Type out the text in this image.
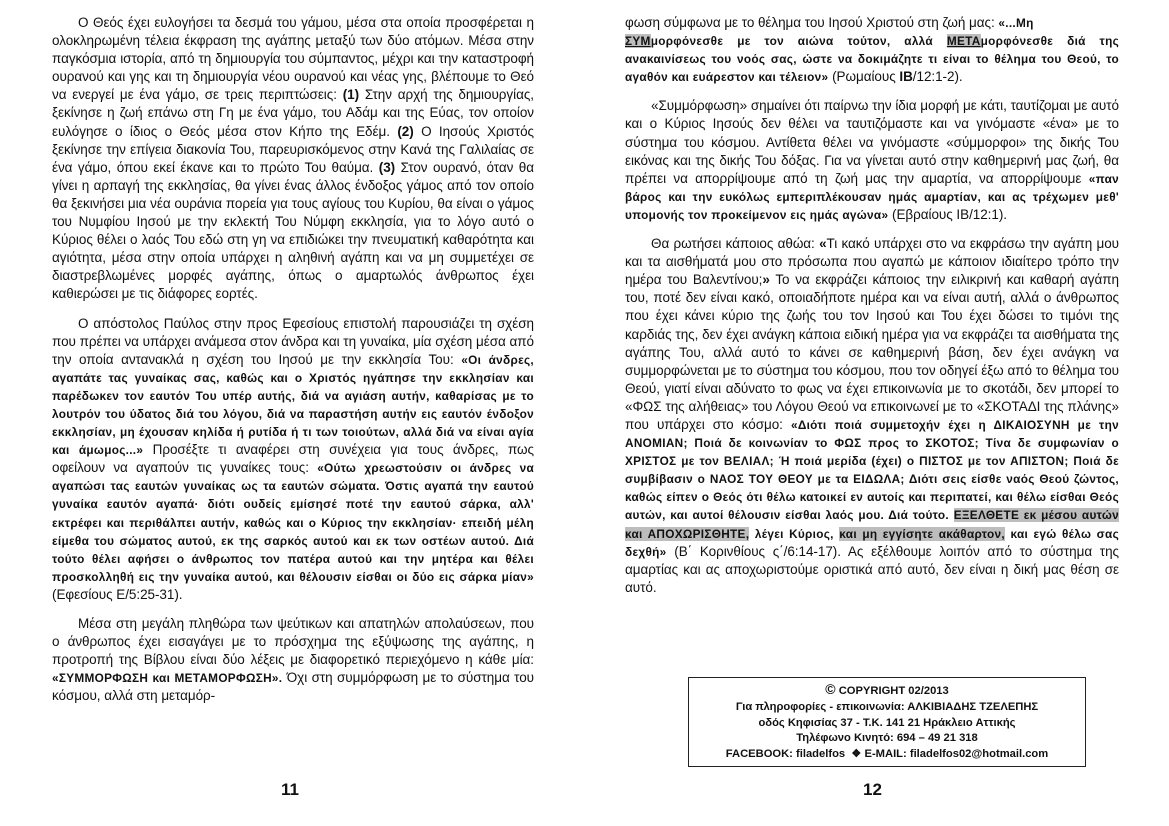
Ο Θεός έχει ευλογήσει τα δεσμά του γάμου, μέσα στα οποία προσφέρεται η ολοκληρωμένη τέλεια έκφραση της αγάπης μεταξύ των δύο ατόμων. Μέσα στην παγκόσμια ιστορία, από τη δημιουργία του σύμπαντος, μέχρι και την καταστροφή ουρανού και γης και τη δημιουργία νέου ουρανού και νέας γης, βλέπουμε το Θεό να ενεργεί με ένα γάμο, σε τρεις περιπτώσεις: (1) Στην αρχή της δημιουργίας, ξεκίνησε η ζωή επάνω στη Γη με ένα γάμο, του Αδάμ και της Εύας, τον οποίον ευλόγησε ο ίδιος ο Θεός μέσα στον Κήπο της Εδέμ. (2) Ο Ιησούς Χριστός ξεκίνησε την επίγεια διακονία Του, παρευρισκόμενος στην Κανά της Γαλιλαίας σε ένα γάμο, όπου εκεί έκανε και το πρώτο Του θαύμα. (3) Στον ουρανό, όταν θα γίνει η αρπαγή της εκκλησίας, θα γίνει ένας άλλος ένδοξος γάμος από τον οποίο θα ξεκινήσει μια νέα ουράνια πορεία για τους αγίους του Κυρίου, θα είναι ο γάμος του Νυμφίου Ιησού με την εκλεκτή Του Νύμφη εκκλησία, για το λόγο αυτό ο Κύριος θέλει ο λαός Του εδώ στη γη να επιδιώκει την πνευματική καθαρότητα και αγιότητα, μέσα στην οποία υπάρχει η αληθινή αγάπη και να μη συμμετέχει σε διαστρεβλωμένες μορφές αγάπης, όπως ο αμαρτωλός άνθρωπος έχει καθιερώσει με τις διάφορες εορτές.

Ο απόστολος Παύλος στην προς Εφεσίους επιστολή παρουσιάζει τη σχέση που πρέπει να υπάρχει ανάμεσα στον άνδρα και τη γυναίκα, μία σχέση μέσα από την οποία αντανακλά η σχέση του Ιησού με την εκκλησία Του: «Οι άνδρες, αγαπάτε τας γυναίκας σας, καθώς και ο Χριστός ηγάπησε την εκκλησίαν και παρέδωκεν τον εαυτόν Του υπέρ αυτής, διά να αγιάση αυτήν, καθαρίσας με το λουτρόν του ύδατος διά του λόγου, διά να παραστήση αυτήν εις εαυτόν ένδοξον εκκλησίαν, μη έχουσαν κηλίδα ή ρυτίδα ή τι των τοιούτων, αλλά διά να είναι αγία και άμωμος...» Προσέξτε τι αναφέρει στη συνέχεια για τους άνδρες, πως οφείλουν να αγαπούν τις γυναίκες τους: «Ούτω χρεωστούσιν οι άνδρες να αγαπώσι τας εαυτών γυναίκας ως τα εαυτών σώματα. Όστις αγαπά την εαυτού γυναίκα εαυτόν αγαπά· διότι ουδείς εμίσησέ ποτέ την εαυτού σάρκα, αλλ' εκτρέφει και περιθάλπει αυτήν, καθώς και ο Κύριος την εκκλησίαν· επειδή μέλη είμεθα του σώματος αυτού, εκ της σαρκός αυτού και εκ των οστέων αυτού. Διά τούτο θέλει αφήσει ο άνθρωπος τον πατέρα αυτού και την μητέρα και θέλει προσκολληθή εις την γυναίκα αυτού, και θέλουσιν είσθαι οι δύο εις σάρκα μίαν» (Εφεσίους Ε/5:25-31).

Μέσα στη μεγάλη πληθώρα των ψεύτικων και απατηλών απολαύσεων, που ο άνθρωπος έχει εισαγάγει με το πρόσχημα της εξύψωσης της αγάπης, η προτροπή της Βίβλου είναι δύο λέξεις με διαφορετικό περιεχόμενο η κάθε μία: «ΣΥΜΜΟΡΦΩΣΗ και ΜΕΤΑΜΟΡΦΩΣΗ». Όχι στη συμμόρφωση με το σύστημα του κόσμου, αλλά στη μεταμόρ-

11

φωση σύμφωνα με το θέλημα του Ιησού Χριστού στη ζωή μας: «...Μη
ΣΥΜμορφόνεσθε με τον αιώνα τούτον, αλλά ΜΕΤΑμορφόνεσθε διά της ανακαινίσεως του νοός σας, ώστε να δοκιμάζητε τι είναι το θέλημα του Θεού, το αγαθόν και ευάρεστον και τέλειον» (Ρωμαίους ΙΒ/12:1-2).

«Συμμόρφωση» σημαίνει ότι παίρνω την ίδια μορφή με κάτι, ταυτίζομαι με αυτό και ο Κύριος Ιησούς δεν θέλει να ταυτιζόμαστε και να γινόμαστε «ένα» με το σύστημα του κόσμου. Αντίθετα θέλει να γινόμαστε «σύμμορφοι» της δικής Του εικόνας και της δικής Του δόξας. Για να γίνεται αυτό στην καθημερινή μας ζωή, θα πρέπει να απορρίψουμε από τη ζωή μας την αμαρτία, να απορρίψουμε «παν βάρος και την ευκόλως εμπεριπλέκουσαν ημάς αμαρτίαν, και ας τρέχωμεν μεθ' υπομονής τον προκείμενον εις ημάς αγώνα» (Εβραίους ΙΒ/12:1).

Θα ρωτήσει κάποιος αθώα: «Τι κακό υπάρχει στο να εκφράσω την αγάπη μου και τα αισθήματά μου στο πρόσωπα που αγαπώ με κάποιον ιδιαίτερο τρόπο την ημέρα του Βαλεντίνου;» Το να εκφράζει κάποιος την ειλικρινή και καθαρή αγάπη του, ποτέ δεν είναι κακό, οποιαδήποτε ημέρα και να είναι αυτή, αλλά ο άνθρωπος που έχει κάνει κύριο της ζωής του τον Ιησού και Του έχει δώσει το τιμόνι της καρδιάς της, δεν έχει ανάγκη κάποια ειδική ημέρα για να εκφράζει τα αισθήματα της αγάπης Του, αλλά αυτό το κάνει σε καθημερινή βάση, δεν έχει ανάγκη να συμμορφώνεται με το σύστημα του κόσμου, που τον οδηγεί έξω από το θέλημα του Θεού, γιατί είναι αδύνατο το φως να έχει επικοινωνία με το σκοτάδι, δεν μπορεί το «ΦΩΣ της αλήθειας» του Λόγου Θεού να επικοινωνεί με το «ΣΚΟΤΑΔΙ της πλάνης» που υπάρχει στο κόσμο: «Διότι ποιά συμμετοχήν έχει η ΔΙΚΑΙΟΣΥΝΗ με την ΑΝΟΜΙΑΝ; Ποιά δε κοινωνίαν το ΦΩΣ προς το ΣΚΟΤΟΣ; Τίνα δε συμφωνίαν ο ΧΡΙΣΤΟΣ με τον ΒΕΛΙΑΛ; Ή ποιά μερίδα (έχει) ο ΠΙΣΤΟΣ με τον ΑΠΙΣΤΟΝ; Ποιά δε συμβίβασιν ο ΝΑΟΣ ΤΟΥ ΘΕΟΥ με τα ΕΙΔΩΛΑ; Διότι σεις είσθε ναός Θεού ζώντος, καθώς είπεν ο Θεός ότι θέλω κατοικεί εν αυτοίς και περιπατεί, και θέλω είσθαι Θεός αυτών, και αυτοί θέλουσιν είσθαι λαός μου. Διά τούτο. ΕΞΕΛΘΕΤΕ εκ μέσου αυτών και ΑΠΟΧΩΡΙΣΘΗΤΕ, λέγει Κύριος, και μη εγγίσητε ακάθαρτον, και εγώ θέλω σας δεχθή» (Β΄ Κορινθίους ς΄/6:14-17). Ας εξέλθουμε λοιπόν από το σύστημα της αμαρτίας και ας αποχωριστούμε οριστικά από αυτό, δεν είναι η δική μας θέση σε αυτό.

© COPYRIGHT 02/2013
Για πληροφορίες - επικοινωνία: ΑΛΚΙΒΙΑΔΗΣ ΤΖΕΛΕΠΗΣ
οδός Κηφισίας 37 - Τ.Κ. 141 21 Ηράκλειο Αττικής
Τηλέφωνο Κινητό: 694 – 49 21 318
FACEBOOK: filadelfos ❖ E-MAIL: filadelfos02@hotmail.com
12
